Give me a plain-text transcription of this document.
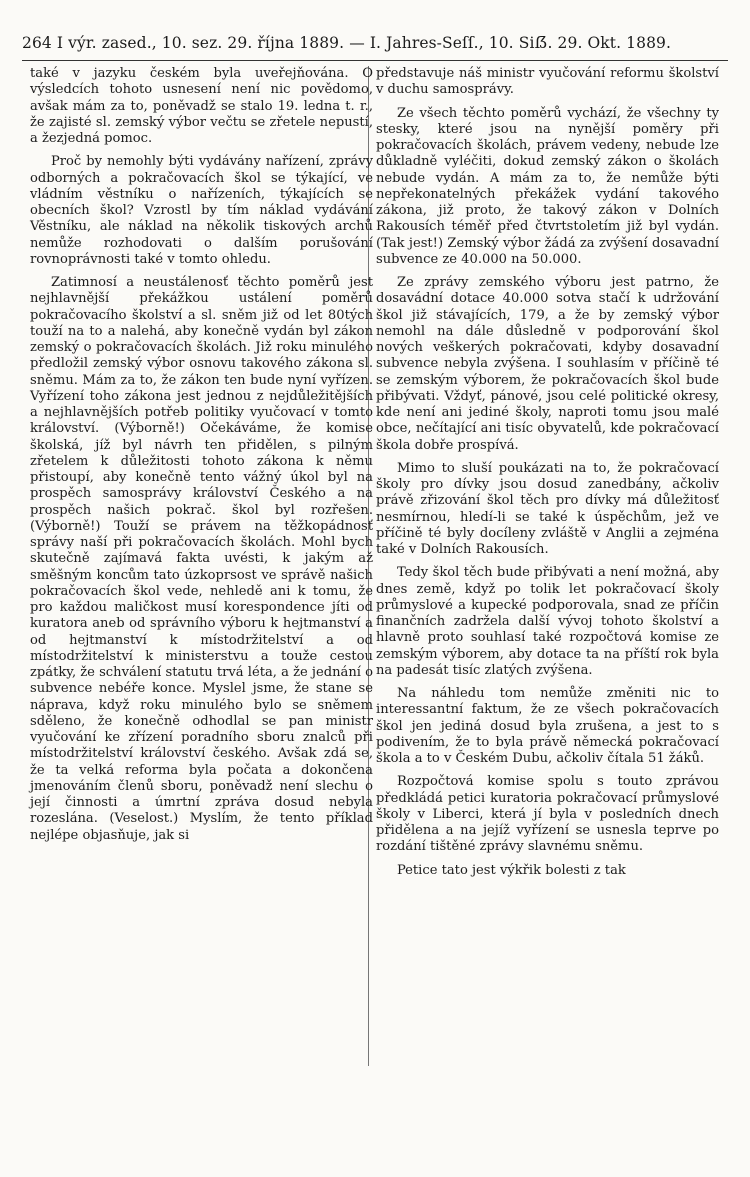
264 I výr. zased., 10. sez. 29. října 1889. — I. Jahres-Seſſ., 10. Siẞ. 29. Okt. 1889.

také v jazyku českém byla uveřejňována. O výsledcích tohoto usnesení není nic povědomo, avšak mám za to, poněvadž se stalo 19. ledna t. r., že zajisté sl. zemský výbor večtu se zřetele nepustí, a žezjedná pomoc.

Proč by nemohly býti vydávány nařízení, zprávy odborných a pokračovacích škol se týkající, ve vládním věstníku o nařízeních, týkajících se obecních škol? Vzrostl by tím náklad vydávání Věstníku, ale náklad na několik tiskových archů nemůže rozhodovati o dalším porušování rovnoprávnosti také v tomto ohledu.

Zatimnosí a neustálenosť těchto poměrů jest nejhlavnější překážkou ustálení poměrů pokračovacího školství a sl. sněm již od let 80tých touží na to a nalehá, aby konečně vydán byl zákon zemský o pokračovacích školách. Již roku minulého předložil zemský výbor osnovu takového zákona sl. sněmu. Mám za to, že zákon ten bude nyní vyřízen. Vyřízení toho zákona jest jednou z nejdůležitějších a nejhlavnějších potřeb politiky vyučovací v tomto království. (Výborně!) Očekáváme, že komise školská, jíž byl návrh ten přidělen, s pilným zřetelem k důležitosti tohoto zákona k němu přistoupí, aby konečně tento vážný úkol byl na prospěch samosprávy království Českého a na prospěch našich pokrač. škol byl rozřešen. (Výborně!) Touží se právem na těžkopádnosť správy naší při pokračovacích školách. Mohl bych skutečně zajímavá fakta uvésti, k jakým až směšným koncům tato úzkoprsost ve správě našich pokračovacích škol vede, nehledě ani k tomu, že pro každou maličkost musí korespondence jíti od kuratora aneb od správního výboru k hejtmanství a od hejtmanství k místodržitelství a od místodržitelství k ministerstvu a touže cestou zpátky, že schválení statutu trvá léta, a že jednání o subvence nebéře konce. Myslel jsme, že stane se náprava, když roku minulého bylo se sněmem sděleno, že konečně odhodlal se pan ministr vyučování ke zřízení poradního sboru znalců při místodržitelství království českého. Avšak zdá se, že ta velká reforma byla počata a dokončena jmenováním členů sboru, poněvadž není slechu o její činnosti a úmrtní zpráva dosud nebyla rozeslána. (Veselost.) Myslím, že tento příklad nejlépe objasňuje, jak si

představuje náš ministr vyučování reformu školství v duchu samosprávy.

Ze všech těchto poměrů vychází, že všechny ty stesky, které jsou na nynější poměry při pokračovacích školách, právem vedeny, nebude lze důkladně vyléčiti, dokud zemský zákon o školách nebude vydán. A mám za to, že nemůže býti nepřekonatelných překážek vydání takového zákona, již proto, že takový zákon v Dolních Rakousích téměř před čtvrtstoletím již byl vydán. (Tak jest!) Zemský výbor žádá za zvýšení dosavadní subvence ze 40.000 na 50.000.

Ze zprávy zemského výboru jest patrno, že dosavádní dotace 40.000 sotva stačí k udržování škol již stávajících, 179, a že by zemský výbor nemohl na dále důsledně v podporování škol nových veškerých pokračovati, kdyby dosavadní subvence nebyla zvýšena. I souhlasím v příčině té se zemským výborem, že pokračovacích škol bude přibývati. Vždyť, pánové, jsou celé politické okresy, kde není ani jediné školy, naproti tomu jsou malé obce, nečítající ani tisíc obyvatelů, kde pokračovací škola dobře prospívá.

Mimo to sluší poukázati na to, že pokračovací školy pro dívky jsou dosud zanedbány, ačkoliv právě zřizování škol těch pro dívky má důležitosť nesmírnou, hledí-li se také k úspěchům, jež ve příčině té byly docíleny zvláště v Anglii a zejména také v Dolních Rakousích.

Tedy škol těch bude přibývati a není možná, aby dnes země, když po tolik let pokračovací školy průmyslové a kupecké podporovala, snad ze příčin finančních zadržela další vývoj tohoto školství a hlavně proto souhlasí také rozpočtová komise ze zemským výborem, aby dotace ta na příští rok byla na padesát tisíc zlatých zvýšena.

Na náhledu tom nemůže změniti nic to interessantní faktum, že ze všech pokračovacích škol jen jediná dosud byla zrušena, a jest to s podivením, že to byla právě německá pokračovací škola a to v Českém Dubu, ačkoliv čítala 51 žáků.

Rozpočtová komise spolu s touto zprávou předkládá petici kuratoria pokračovací průmyslové školy v Liberci, která jí byla v posledních dnech přidělena a na jejíž vyřízení se usnesla teprve po rozdání tištěné zprávy slavnému sněmu.

Petice tato jest výkřik bolesti z tak
